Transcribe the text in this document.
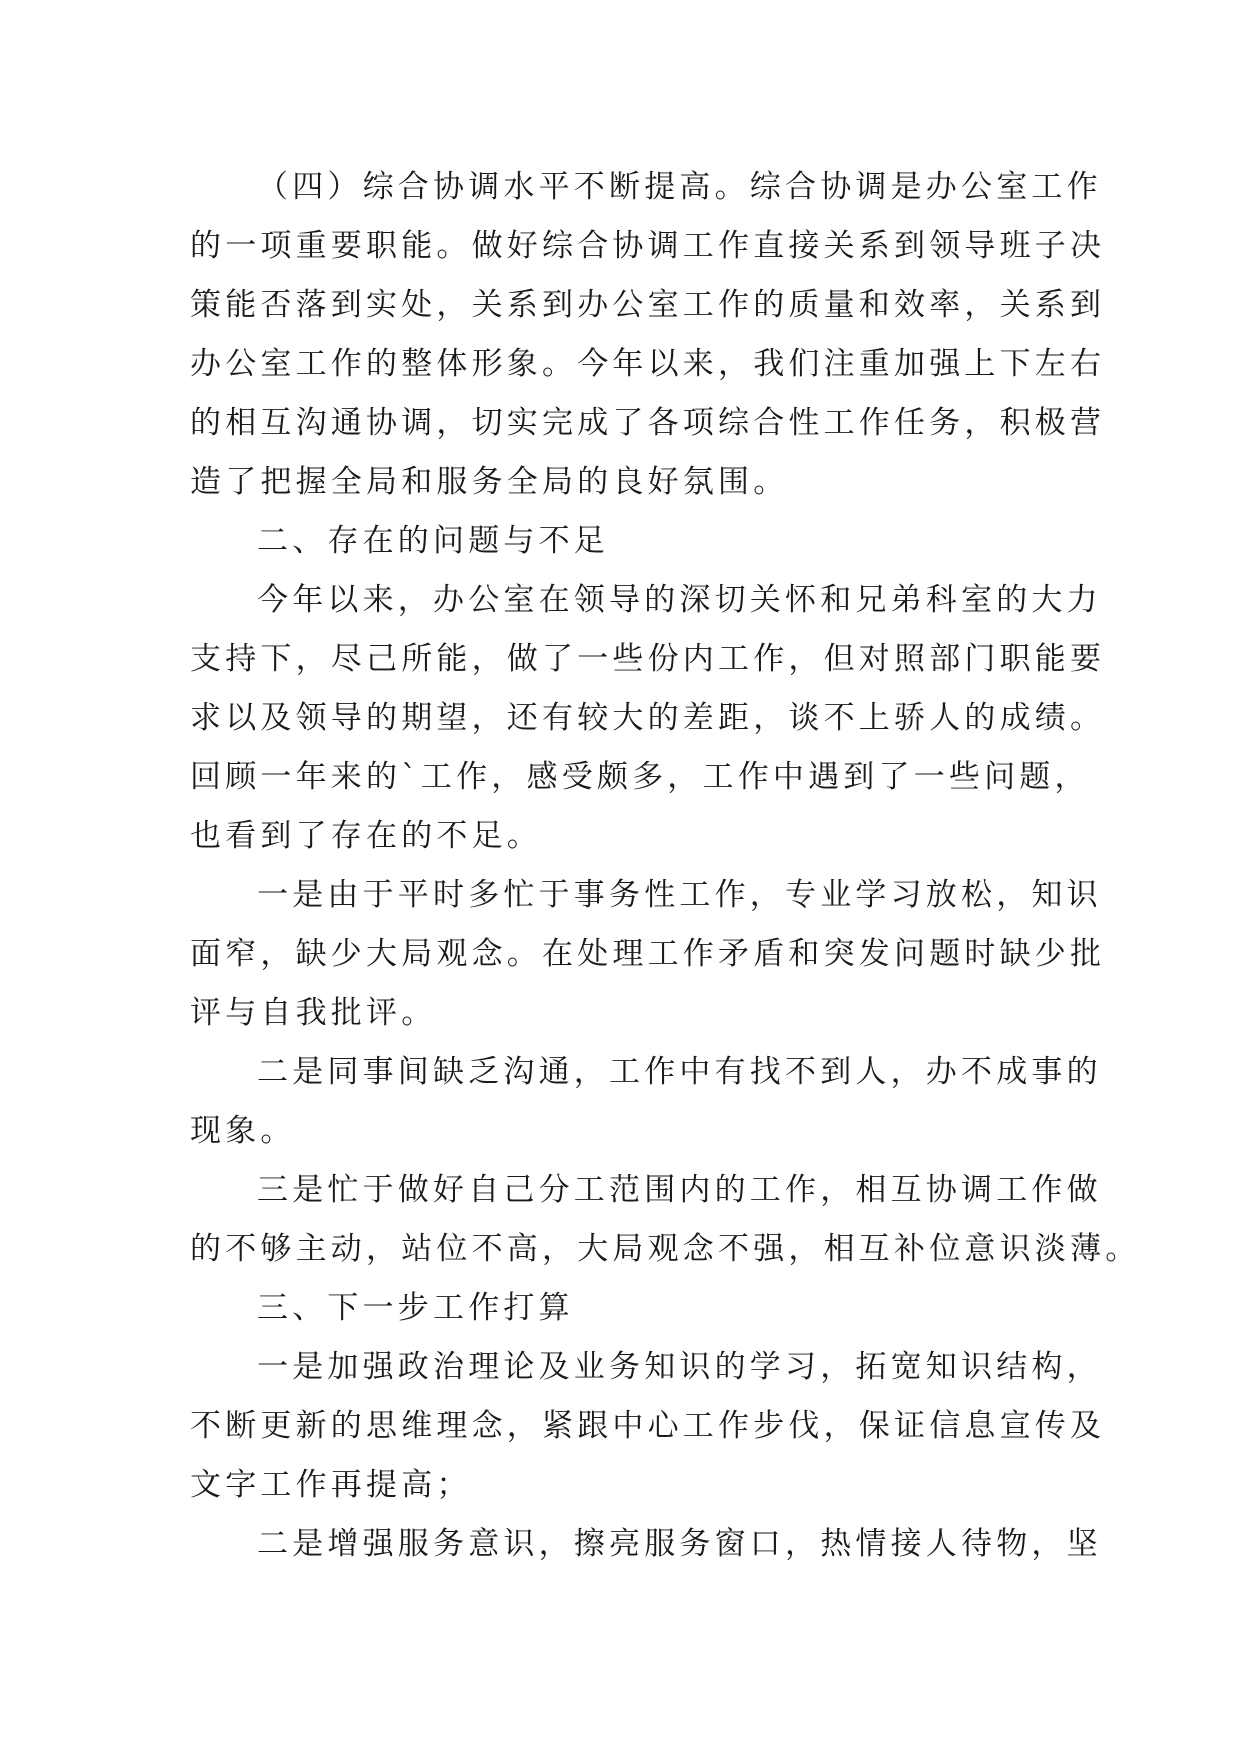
（四）综合协调水平不断提高。综合协调是办公室工作
的一项重要职能。做好综合协调工作直接关系到领导班子决
策能否落到实处，关系到办公室工作的质量和效率，关系到
办公室工作的整体形象。今年以来，我们注重加强上下左右
的相互沟通协调，切实完成了各项综合性工作任务，积极营
造了把握全局和服务全局的良好氛围。
二、存在的问题与不足
今年以来，办公室在领导的深切关怀和兄弟科室的大力
支持下，尽己所能，做了一些份内工作，但对照部门职能要
求以及领导的期望，还有较大的差距，谈不上骄人的成绩。
回顾一年来的`工作，感受颇多，工作中遇到了一些问题，
也看到了存在的不足。
一是由于平时多忙于事务性工作，专业学习放松，知识
面窄，缺少大局观念。在处理工作矛盾和突发问题时缺少批
评与自我批评。
二是同事间缺乏沟通，工作中有找不到人，办不成事的
现象。
三是忙于做好自己分工范围内的工作，相互协调工作做
的不够主动，站位不高，大局观念不强，相互补位意识淡薄。
三、下一步工作打算
一是加强政治理论及业务知识的学习，拓宽知识结构，
不断更新的思维理念，紧跟中心工作步伐，保证信息宣传及
文字工作再提高；
二是增强服务意识，擦亮服务窗口，热情接人待物，坚
